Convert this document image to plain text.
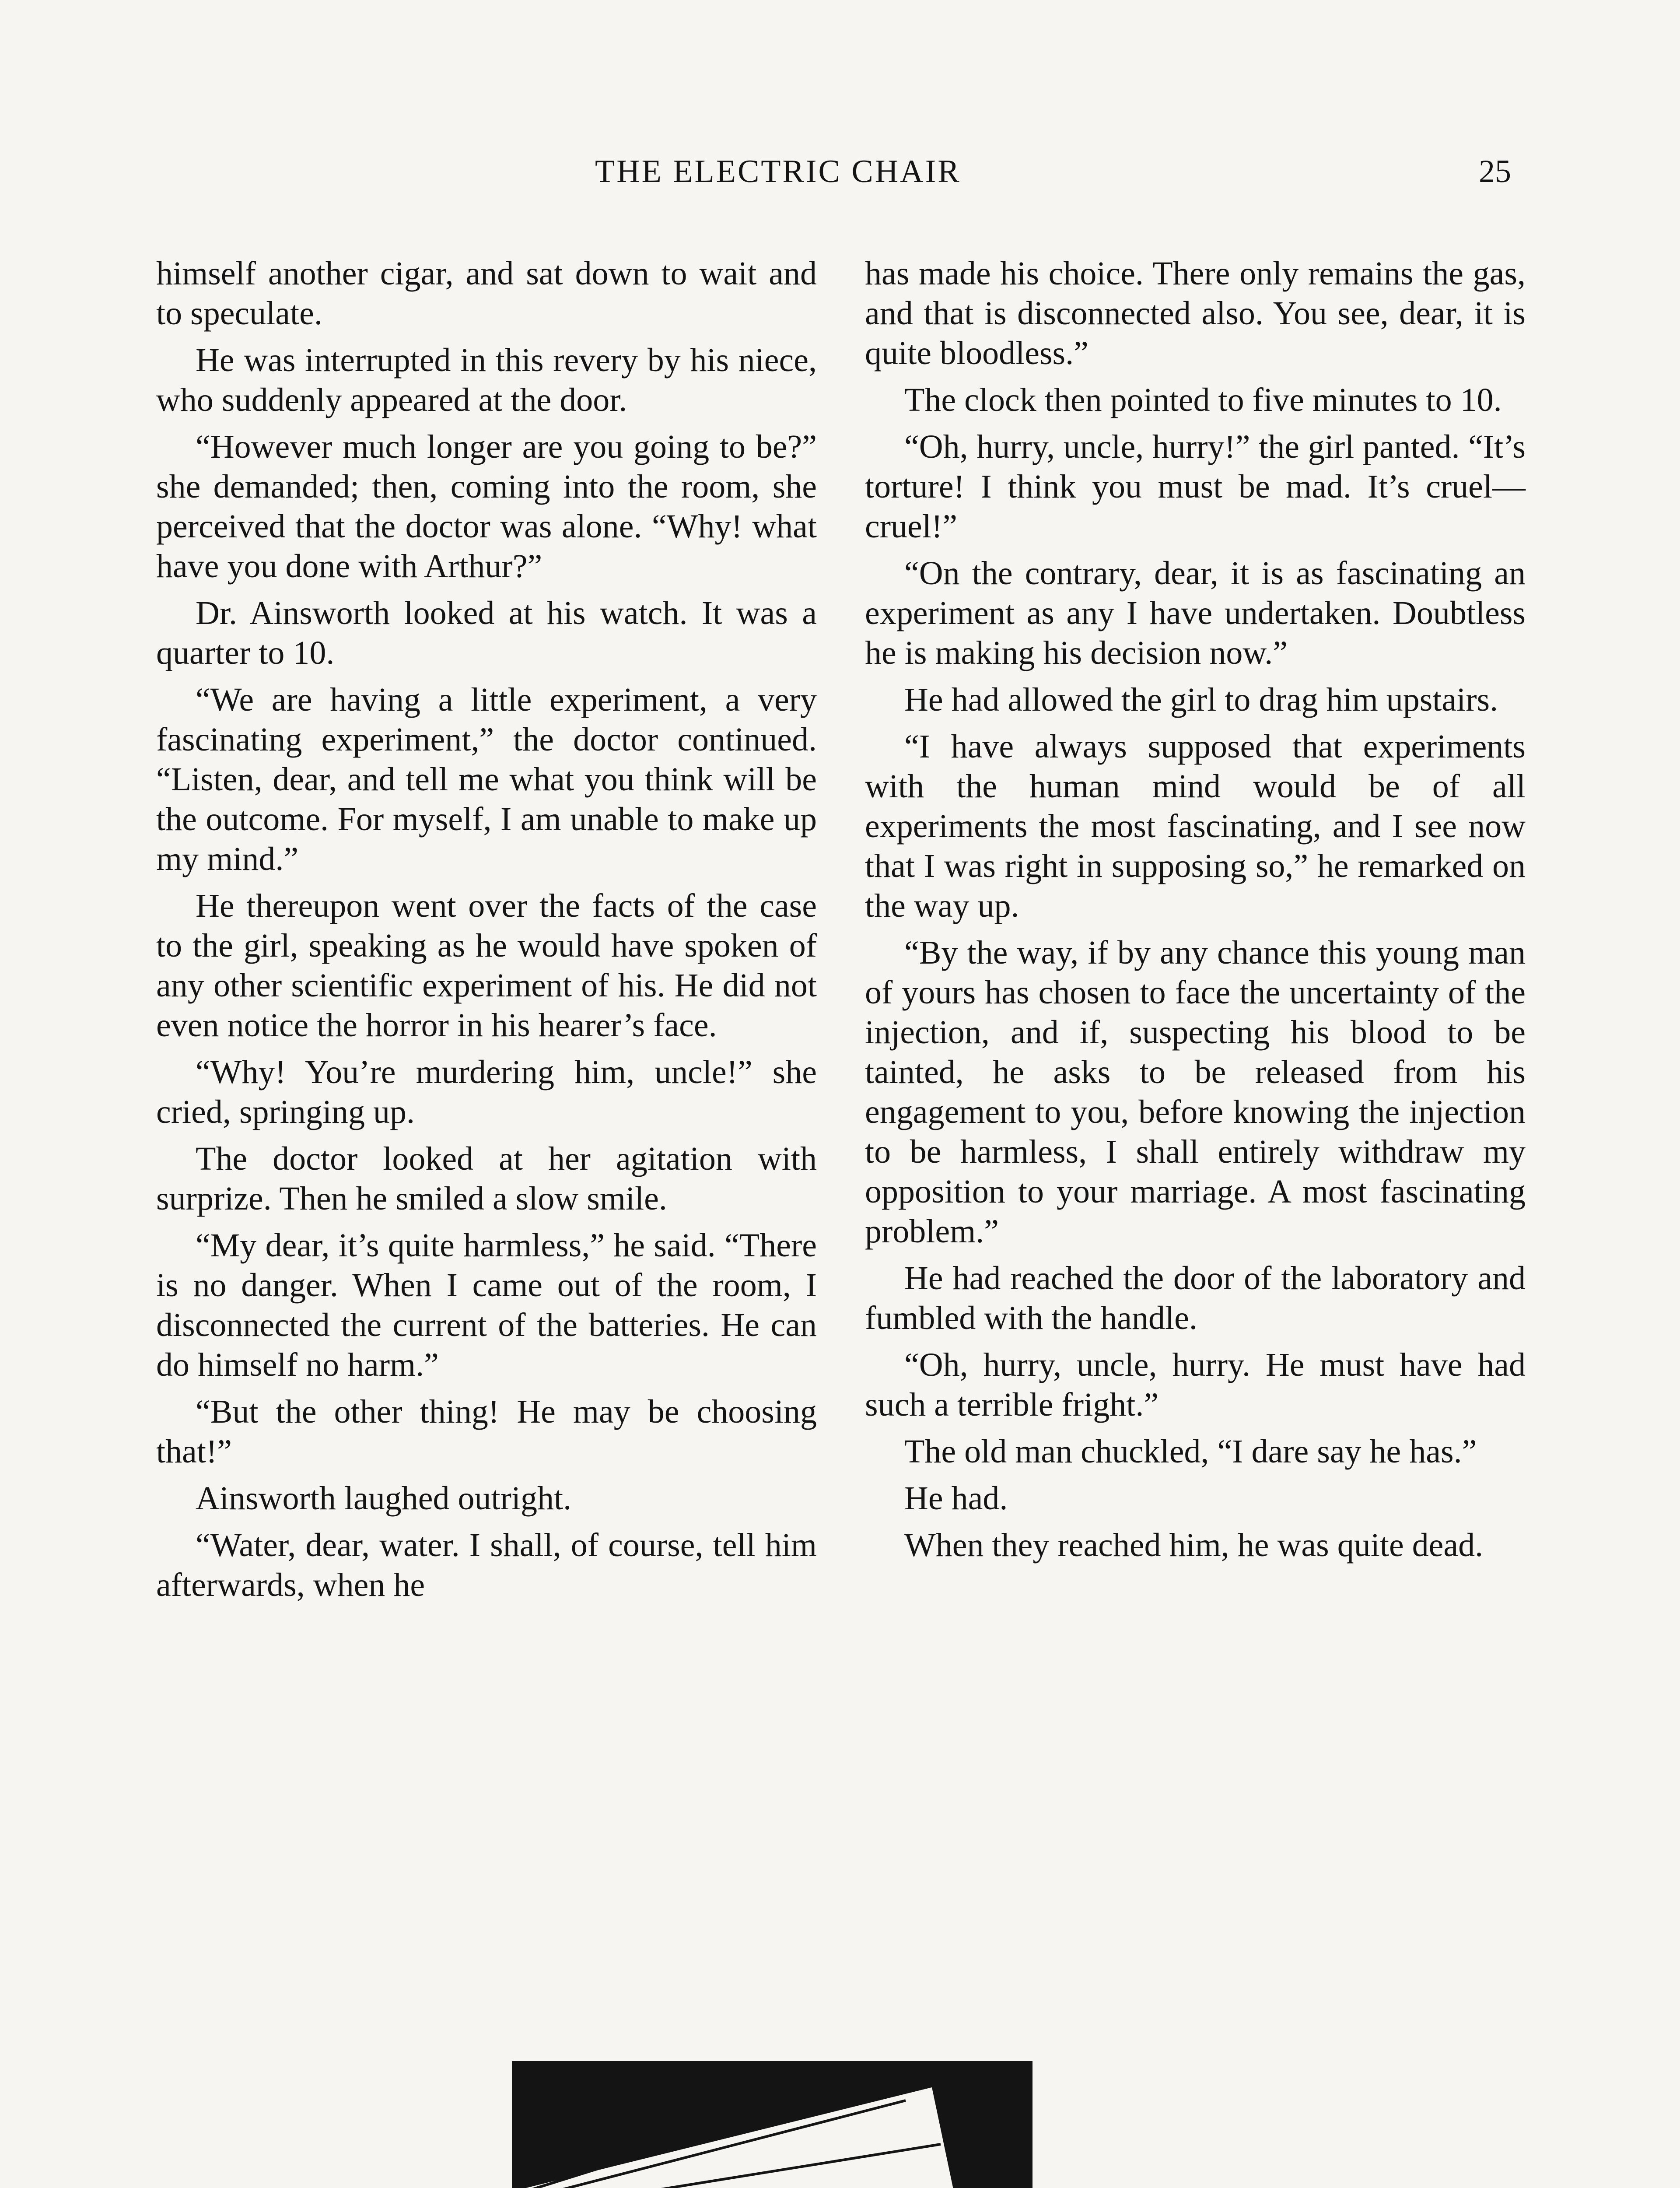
THE ELECTRIC CHAIR	25

himself another cigar, and sat down to wait and to speculate.

He was interrupted in this revery by his niece, who suddenly appeared at the door.

“However much longer are you going to be?” she demanded; then, coming into the room, she perceived that the doctor was alone. “Why! what have you done with Arthur?”

Dr. Ainsworth looked at his watch. It was a quarter to 10.

“We are having a little experiment, a very fascinating experiment,” the doctor continued. “Listen, dear, and tell me what you think will be the outcome. For myself, I am unable to make up my mind.”

He thereupon went over the facts of the case to the girl, speaking as he would have spoken of any other scientific experiment of his. He did not even notice the horror in his hearer’s face.

“Why! You’re murdering him, uncle!” she cried, springing up.

The doctor looked at her agitation with surprize. Then he smiled a slow smile.

“My dear, it’s quite harmless,” he said. “There is no danger. When I came out of the room, I disconnected the current of the batteries. He can do himself no harm.”

“But the other thing! He may be choosing that!”

Ainsworth laughed outright.

“Water, dear, water. I shall, of course, tell him afterwards, when he

has made his choice. There only remains the gas, and that is disconnected also. You see, dear, it is quite bloodless.”

The clock then pointed to five minutes to 10.

“Oh, hurry, uncle, hurry!” the girl panted. “It’s torture! I think you must be mad. It’s cruel—cruel!”

“On the contrary, dear, it is as fascinating an experiment as any I have undertaken. Doubtless he is making his decision now.”

He had allowed the girl to drag him upstairs.

“I have always supposed that experiments with the human mind would be of all experiments the most fascinating, and I see now that I was right in supposing so,” he remarked on the way up.

“By the way, if by any chance this young man of yours has chosen to face the uncertainty of the injection, and if, suspecting his blood to be tainted, he asks to be released from his engagement to you, before knowing the injection to be harmless, I shall entirely withdraw my opposition to your marriage. A most fascinating problem.”

He had reached the door of the laboratory and fumbled with the handle.

“Oh, hurry, uncle, hurry. He must have had such a terrible fright.”

The old man chuckled, “I dare say he has.”

He had.

When they reached him, he was quite dead.
